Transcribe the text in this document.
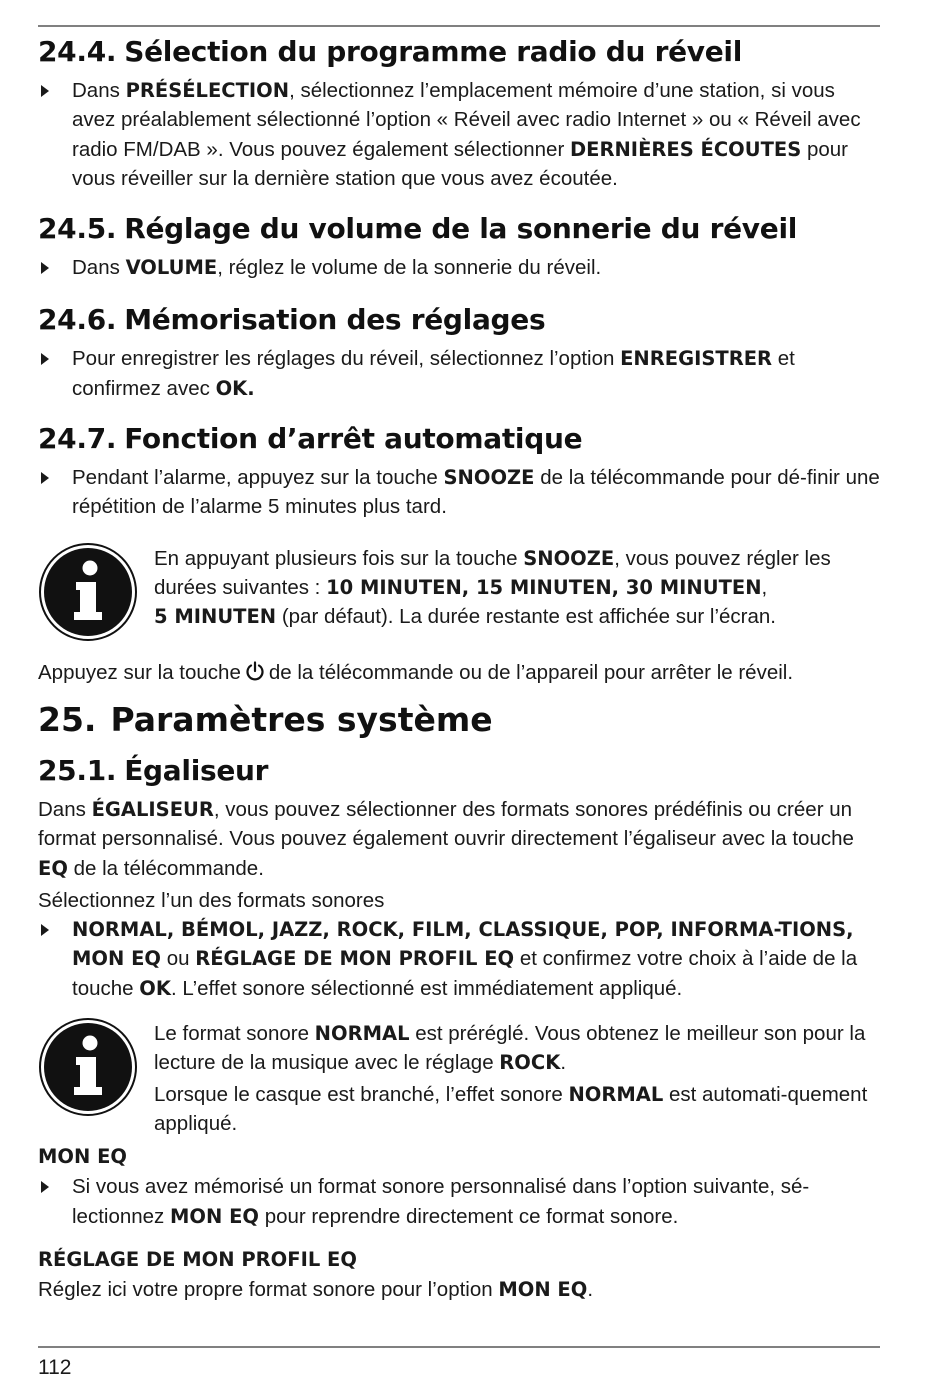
24.4. Sélection du programme radio du réveil
Dans PRÉSÉLECTION, sélectionnez l’emplacement mémoire d’une station, si vous avez préalablement sélectionné l’option « Réveil avec radio Internet » ou « Réveil avec radio FM/DAB ». Vous pouvez également sélectionner DERNIÈRES ÉCOUTES pour vous réveiller sur la dernière station que vous avez écoutée.
24.5. Réglage du volume de la sonnerie du réveil
Dans VOLUME, réglez le volume de la sonnerie du réveil.
24.6. Mémorisation des réglages
Pour enregistrer les réglages du réveil, sélectionnez l’option ENREGISTRER et confirmez avec OK.
24.7. Fonction d’arrêt automatique
Pendant l’alarme, appuyez sur la touche SNOOZE de la télécommande pour dé-finir une répétition de l’alarme 5 minutes plus tard.
En appuyant plusieurs fois sur la touche SNOOZE, vous pouvez régler les durées suivantes : 10 MINUTEN, 15 MINUTEN, 30 MINUTEN,
5 MINUTEN (par défaut). La durée restante est affichée sur l’écran.

Appuyez sur la touche de la télécommande ou de l’appareil pour arrêter le réveil.

25. Paramètres système
25.1. Égaliseur

Dans ÉGALISEUR, vous pouvez sélectionner des formats sonores prédéfinis ou créer un format personnalisé. Vous pouvez également ouvrir directement l’égaliseur avec la touche EQ de la télécommande.

Sélectionnez l’un des formats sonores

NORMAL, BÉMOL, JAZZ, ROCK, FILM, CLASSIQUE, POP, INFORMA-TIONS, MON EQ ou RÉGLAGE DE MON PROFIL EQ et confirmez votre choix à l’aide de la touche OK. L’effet sonore sélectionné est immédiatement appliqué.
Le format sonore NORMAL est préréglé. Vous obtenez le meilleur son pour la lecture de la musique avec le réglage ROCK.
Lorsque le casque est branché, l’effet sonore NORMAL est automati-quement appliqué.

MON EQ

Si vous avez mémorisé un format sonore personnalisé dans l’option suivante, sé-lectionnez MON EQ pour reprendre directement ce format sonore.

RÉGLAGE DE MON PROFIL EQ

Réglez ici votre propre format sonore pour l’option MON EQ.

112
